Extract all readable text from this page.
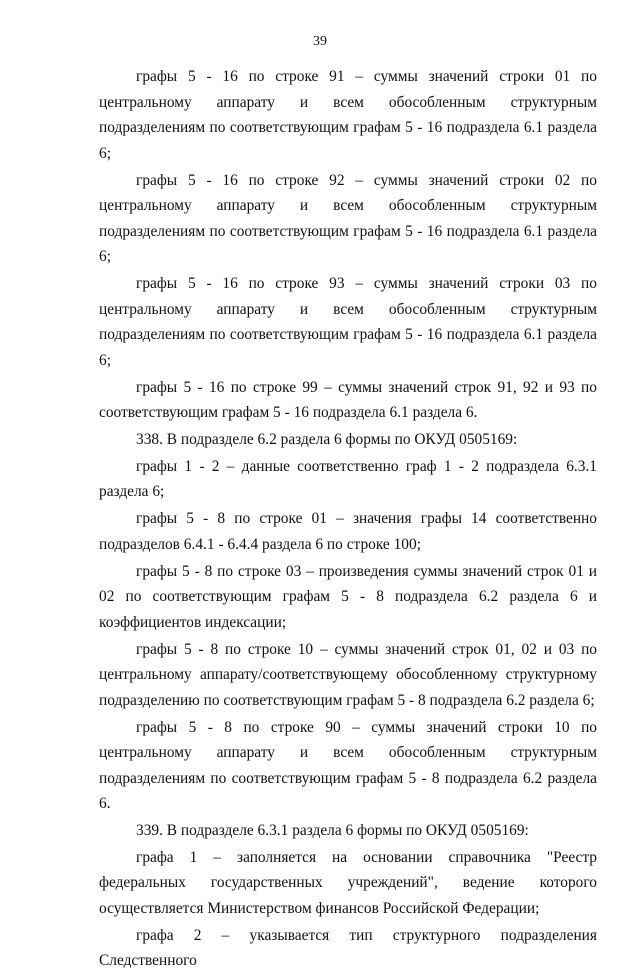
39

графы 5 - 16 по строке 91 – суммы значений строки 01 по центральному аппарату и всем обособленным структурным подразделениям по соответствующим графам 5 - 16 подраздела 6.1 раздела 6;

графы 5 - 16 по строке 92 – суммы значений строки 02 по центральному аппарату и всем обособленным структурным подразделениям по соответствующим графам 5 - 16 подраздела 6.1 раздела 6;

графы 5 - 16 по строке 93 – суммы значений строки 03 по центральному аппарату и всем обособленным структурным подразделениям по соответствующим графам 5 - 16 подраздела 6.1 раздела 6;

графы 5 - 16 по строке 99 – суммы значений строк 91, 92 и 93 по соответствующим графам 5 - 16 подраздела 6.1 раздела 6.

338. В подразделе 6.2 раздела 6 формы по ОКУД 0505169:

графы 1 - 2 – данные соответственно граф 1 - 2 подраздела 6.3.1 раздела 6;

графы 5 - 8 по строке 01 – значения графы 14 соответственно подразделов 6.4.1 - 6.4.4 раздела 6 по строке 100;

графы 5 - 8 по строке 03 – произведения суммы значений строк 01 и 02 по соответствующим графам 5 - 8 подраздела 6.2 раздела 6 и коэффициентов индексации;

графы 5 - 8 по строке 10 – суммы значений строк 01, 02 и 03 по центральному аппарату/соответствующему обособленному структурному подразделению по соответствующим графам 5 - 8 подраздела 6.2 раздела 6;

графы 5 - 8 по строке 90 – суммы значений строки 10 по центральному аппарату и всем обособленным структурным подразделениям по соответствующим графам 5 - 8 подраздела 6.2 раздела 6.

339. В подразделе 6.3.1 раздела 6 формы по ОКУД 0505169:

графа 1 – заполняется на основании справочника "Реестр федеральных государственных учреждений", ведение которого осуществляется Министерством финансов Российской Федерации;

графа 2 – указывается тип структурного подразделения Следственного
